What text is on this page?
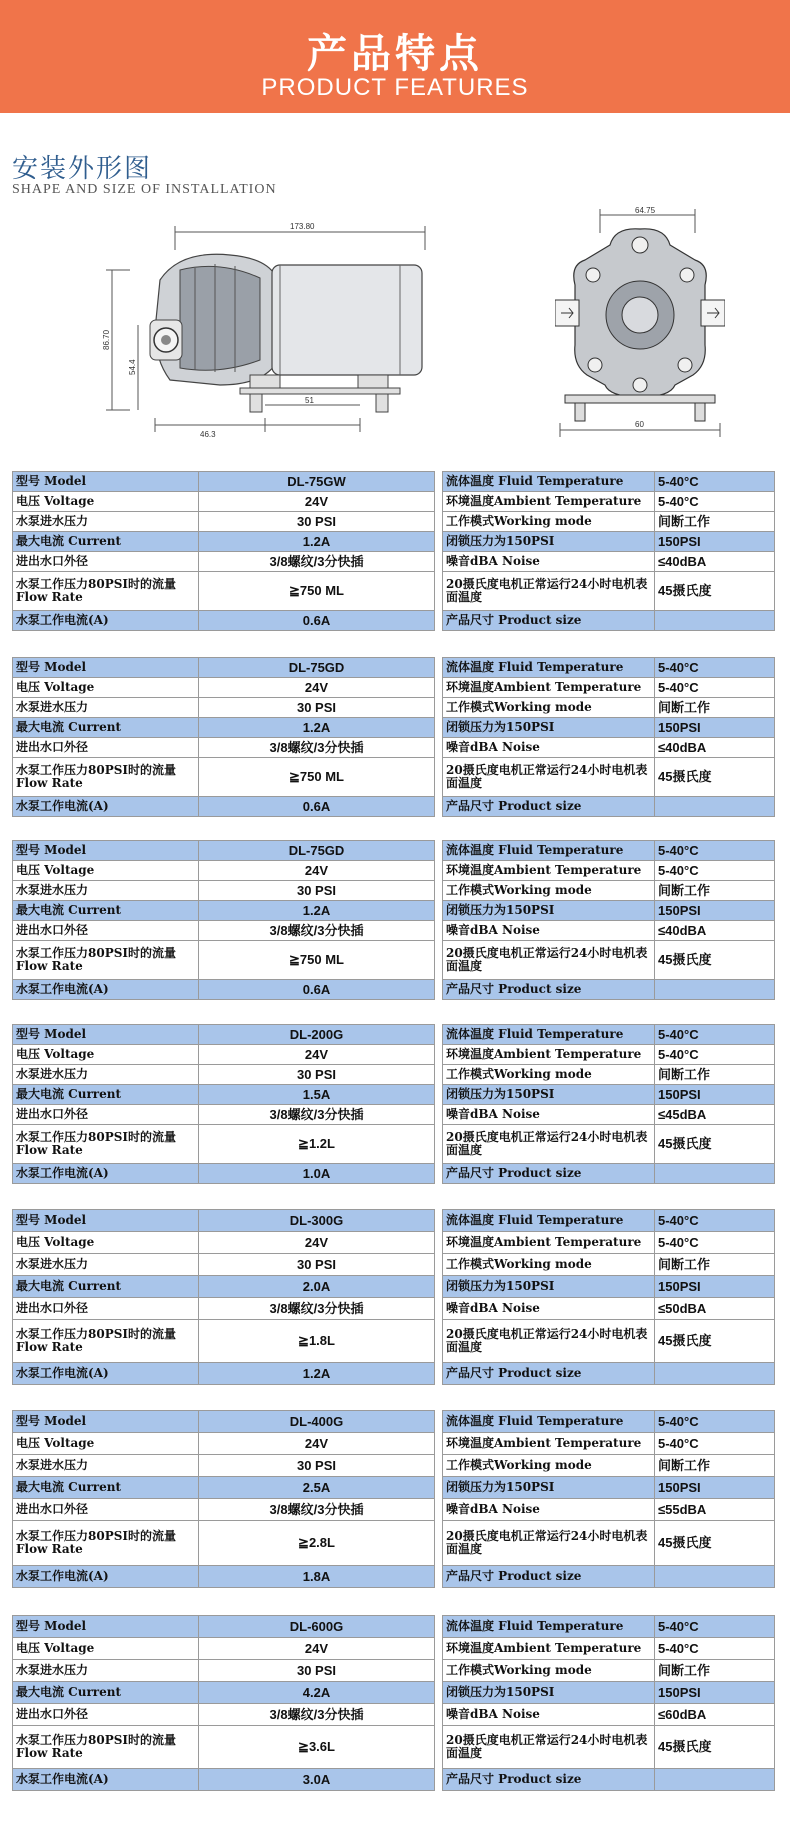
产品特点
PRODUCT FEATURES
安装外形图
SHAPE AND SIZE OF INSTALLATION
173.80
86.70
54.4
51
46.3
64.75
60
型号 Model	DL-75GW
电压 Voltage	24V
水泵进水压力	30 PSI
最大电流 Current	1.2A
进出水口外径	3/8螺纹/3分快插
水泵工作压力80PSI时的流量Flow Rate	≧750 ML
水泵工作电流(A)	0.6A
流体温度 Fluid Temperature	5-40°C
环境温度Ambient Temperature	5-40°C
工作模式Working mode	间断工作
闭锁压力为150PSI	150PSI
噪音dBA Noise	≤40dBA
20摄氏度电机正常运行24小时电机表面温度	45摄氏度
产品尺寸 Product size	
型号 Model	DL-75GD
电压 Voltage	24V
水泵进水压力	30 PSI
最大电流 Current	1.2A
进出水口外径	3/8螺纹/3分快插
水泵工作压力80PSI时的流量Flow Rate	≧750 ML
水泵工作电流(A)	0.6A
流体温度 Fluid Temperature	5-40°C
环境温度Ambient Temperature	5-40°C
工作模式Working mode	间断工作
闭锁压力为150PSI	150PSI
噪音dBA Noise	≤40dBA
20摄氏度电机正常运行24小时电机表面温度	45摄氏度
产品尺寸 Product size	
型号 Model	DL-75GD
电压 Voltage	24V
水泵进水压力	30 PSI
最大电流 Current	1.2A
进出水口外径	3/8螺纹/3分快插
水泵工作压力80PSI时的流量Flow Rate	≧750 ML
水泵工作电流(A)	0.6A
流体温度 Fluid Temperature	5-40°C
环境温度Ambient Temperature	5-40°C
工作模式Working mode	间断工作
闭锁压力为150PSI	150PSI
噪音dBA Noise	≤40dBA
20摄氏度电机正常运行24小时电机表面温度	45摄氏度
产品尺寸 Product size	
型号 Model	DL-200G
电压 Voltage	24V
水泵进水压力	30 PSI
最大电流 Current	1.5A
进出水口外径	3/8螺纹/3分快插
水泵工作压力80PSI时的流量Flow Rate	≧1.2L
水泵工作电流(A)	1.0A
流体温度 Fluid Temperature	5-40°C
环境温度Ambient Temperature	5-40°C
工作模式Working mode	间断工作
闭锁压力为150PSI	150PSI
噪音dBA Noise	≤45dBA
20摄氏度电机正常运行24小时电机表面温度	45摄氏度
产品尺寸 Product size	
型号 Model	DL-300G
电压 Voltage	24V
水泵进水压力	30 PSI
最大电流 Current	2.0A
进出水口外径	3/8螺纹/3分快插
水泵工作压力80PSI时的流量Flow Rate	≧1.8L
水泵工作电流(A)	1.2A
流体温度 Fluid Temperature	5-40°C
环境温度Ambient Temperature	5-40°C
工作模式Working mode	间断工作
闭锁压力为150PSI	150PSI
噪音dBA Noise	≤50dBA
20摄氏度电机正常运行24小时电机表面温度	45摄氏度
产品尺寸 Product size	
型号 Model	DL-400G
电压 Voltage	24V
水泵进水压力	30 PSI
最大电流 Current	2.5A
进出水口外径	3/8螺纹/3分快插
水泵工作压力80PSI时的流量Flow Rate	≧2.8L
水泵工作电流(A)	1.8A
流体温度 Fluid Temperature	5-40°C
环境温度Ambient Temperature	5-40°C
工作模式Working mode	间断工作
闭锁压力为150PSI	150PSI
噪音dBA Noise	≤55dBA
20摄氏度电机正常运行24小时电机表面温度	45摄氏度
产品尺寸 Product size	
型号 Model	DL-600G
电压 Voltage	24V
水泵进水压力	30 PSI
最大电流 Current	4.2A
进出水口外径	3/8螺纹/3分快插
水泵工作压力80PSI时的流量Flow Rate	≧3.6L
水泵工作电流(A)	3.0A
流体温度 Fluid Temperature	5-40°C
环境温度Ambient Temperature	5-40°C
工作模式Working mode	间断工作
闭锁压力为150PSI	150PSI
噪音dBA Noise	≤60dBA
20摄氏度电机正常运行24小时电机表面温度	45摄氏度
产品尺寸 Product size	
